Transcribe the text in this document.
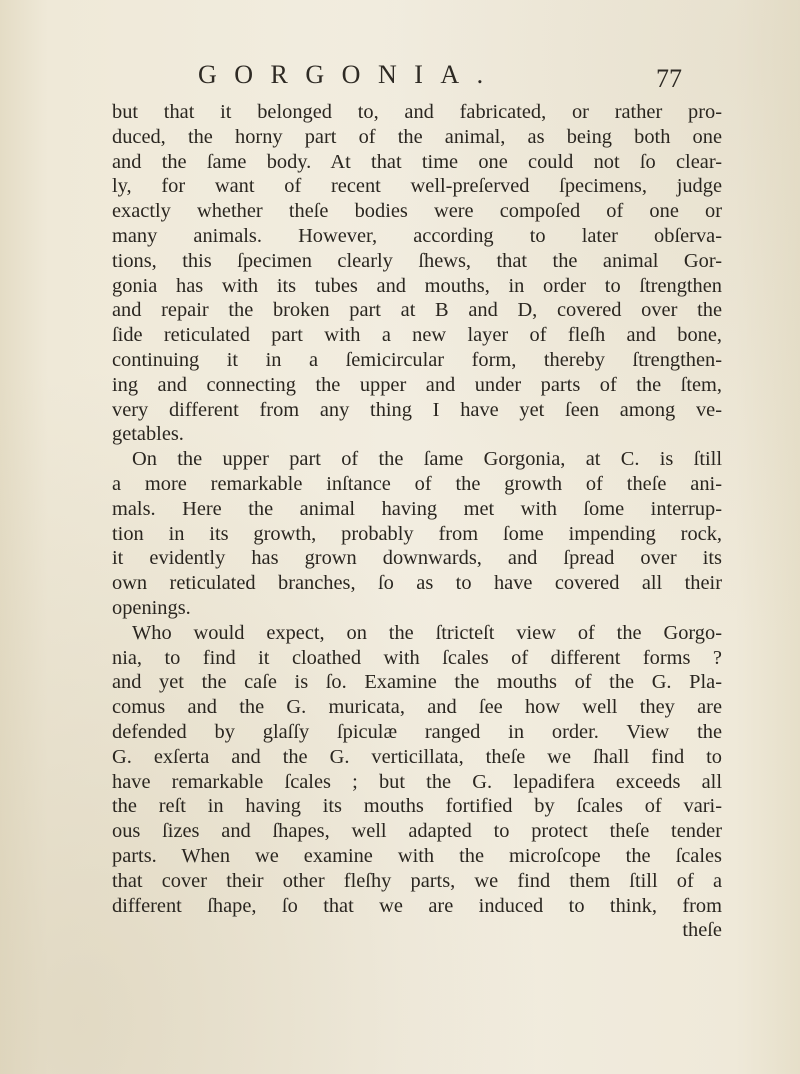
GORGONIA.	77
but that it belonged to, and fabricated, or rather pro-
duced, the horny part of the animal, as being both one
and the ſame body. At that time one could not ſo clear-
ly, for want of recent well-preſerved ſpecimens, judge
exactly whether theſe bodies were compoſed of one or
many animals. However, according to later obſerva-
tions, this ſpecimen clearly ſhews, that the animal Gor-
gonia has with its tubes and mouths, in order to ſtrengthen
and repair the broken part at B and D, covered over the
ſide reticulated part with a new layer of fleſh and bone,
continuing it in a ſemicircular form, thereby ſtrengthen-
ing and connecting the upper and under parts of the ſtem,
very different from any thing I have yet ſeen among ve-
getables.
On the upper part of the ſame Gorgonia, at C. is ſtill
a more remarkable inſtance of the growth of theſe ani-
mals. Here the animal having met with ſome interrup-
tion in its growth, probably from ſome impending rock,
it evidently has grown downwards, and ſpread over its
own reticulated branches, ſo as to have covered all their
openings.
Who would expect, on the ſtricteſt view of the Gorgo-
nia, to find it cloathed with ſcales of different forms ?
and yet the caſe is ſo. Examine the mouths of the G. Pla-
comus and the G. muricata, and ſee how well they are
defended by glaſſy ſpiculæ ranged in order. View the
G. exſerta and the G. verticillata, theſe we ſhall find to
have remarkable ſcales ; but the G. lepadifera exceeds all
the reſt in having its mouths fortified by ſcales of vari-
ous ſizes and ſhapes, well adapted to protect theſe tender
parts. When we examine with the microſcope the ſcales
that cover their other fleſhy parts, we find them ſtill of a
different ſhape, ſo that we are induced to think, from
theſe
